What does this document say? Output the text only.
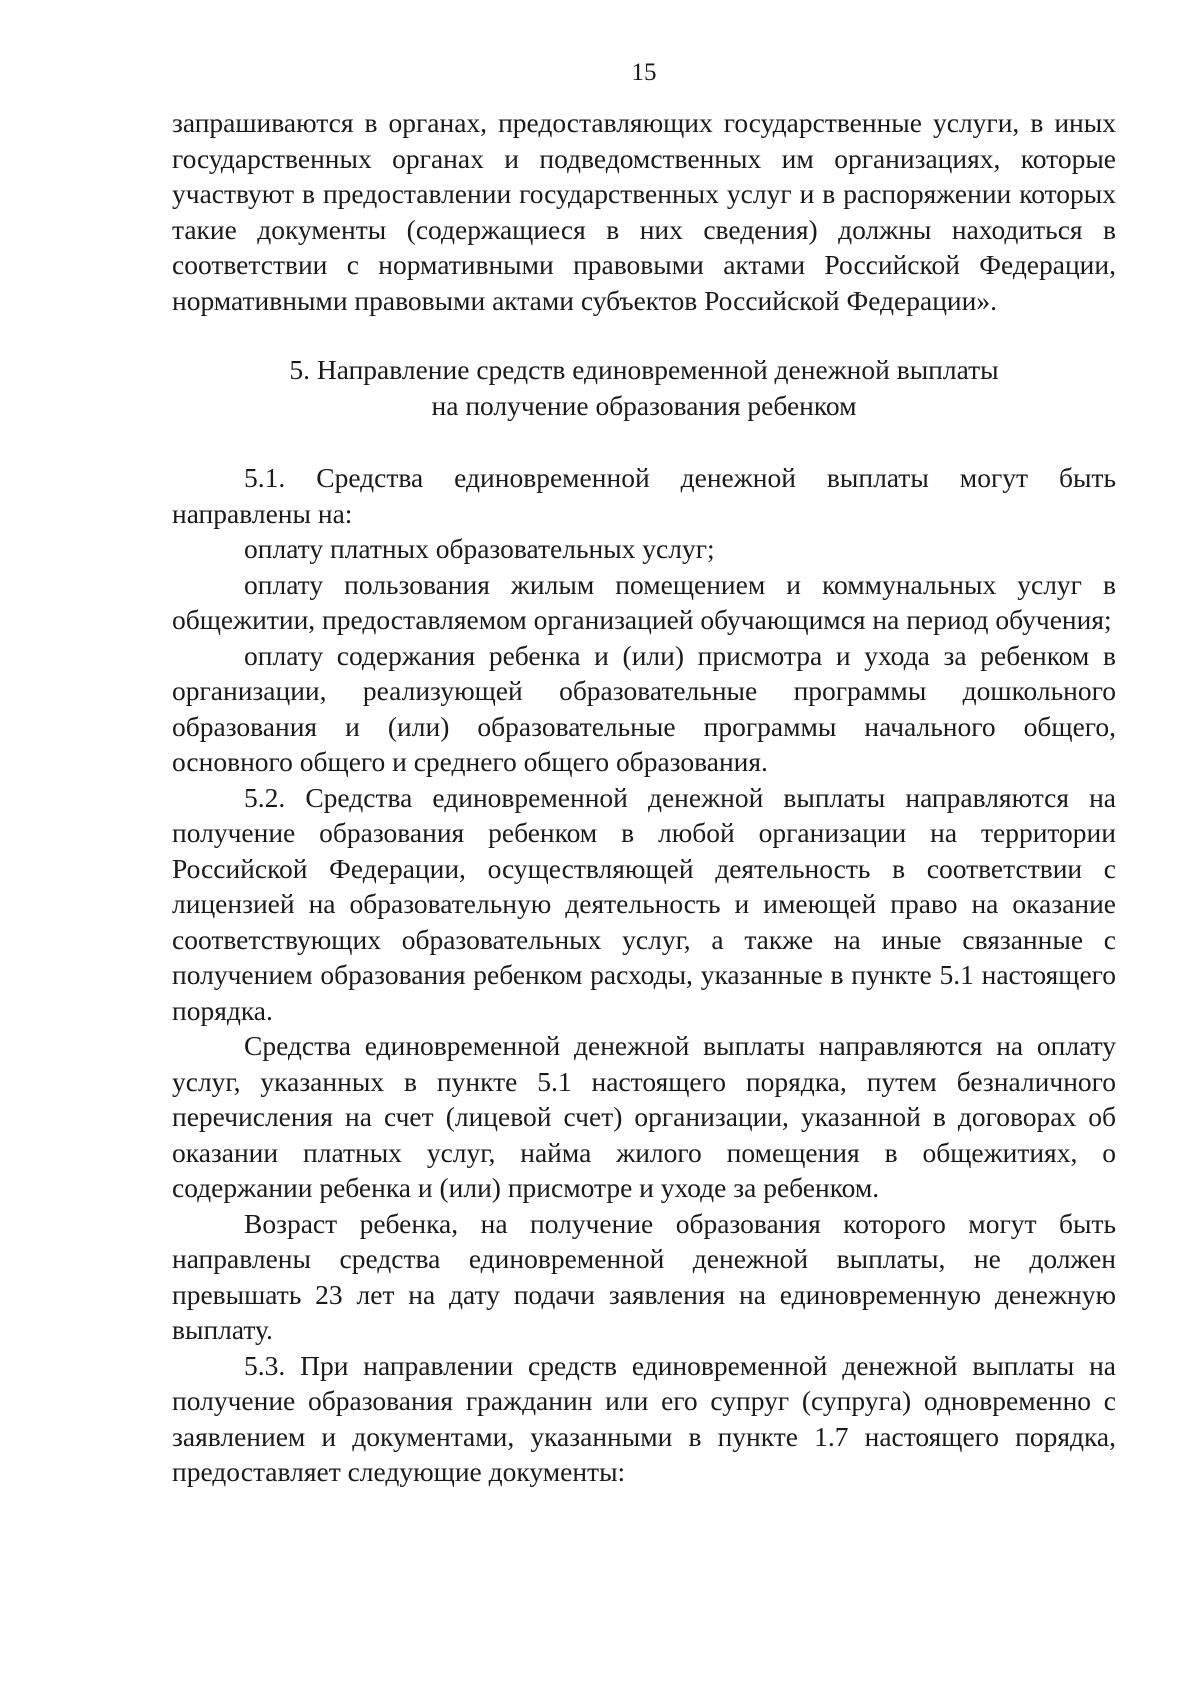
15

запрашиваются в органах, предоставляющих государственные услуги, в иных государственных органах и подведомственных им организациях, которые участвуют в предоставлении государственных услуг и в распоряжении которых такие документы (содержащиеся в них сведения) должны находиться в соответствии с нормативными правовыми актами Российской Федерации, нормативными правовыми актами субъектов Российской Федерации».

5. Направление средств единовременной денежной выплаты
на получение образования ребенком

5.1. Средства единовременной денежной выплаты могут быть направлены на:

оплату платных образовательных услуг;

оплату пользования жилым помещением и коммунальных услуг в общежитии, предоставляемом организацией обучающимся на период обучения;

оплату содержания ребенка и (или) присмотра и ухода за ребенком в организации, реализующей образовательные программы дошкольного образования и (или) образовательные программы начального общего, основного общего и среднего общего образования.

5.2. Средства единовременной денежной выплаты направляются на получение образования ребенком в любой организации на территории Российской Федерации, осуществляющей деятельность в соответствии с лицензией на образовательную деятельность и имеющей право на оказание соответствующих образовательных услуг, а также на иные связанные с получением образования ребенком расходы, указанные в пункте 5.1 настоящего порядка.

Средства единовременной денежной выплаты направляются на оплату услуг, указанных в пункте 5.1 настоящего порядка, путем безналичного перечисления на счет (лицевой счет) организации, указанной в договорах об оказании платных услуг, найма жилого помещения в общежитиях, о содержании ребенка и (или) присмотре и уходе за ребенком.

Возраст ребенка, на получение образования которого могут быть направлены средства единовременной денежной выплаты, не должен превышать 23 лет на дату подачи заявления на единовременную денежную выплату.

5.3. При направлении средств единовременной денежной выплаты на получение образования гражданин или его супруг (супруга) одновременно с заявлением и документами, указанными в пункте 1.7 настоящего порядка, предоставляет следующие документы:
